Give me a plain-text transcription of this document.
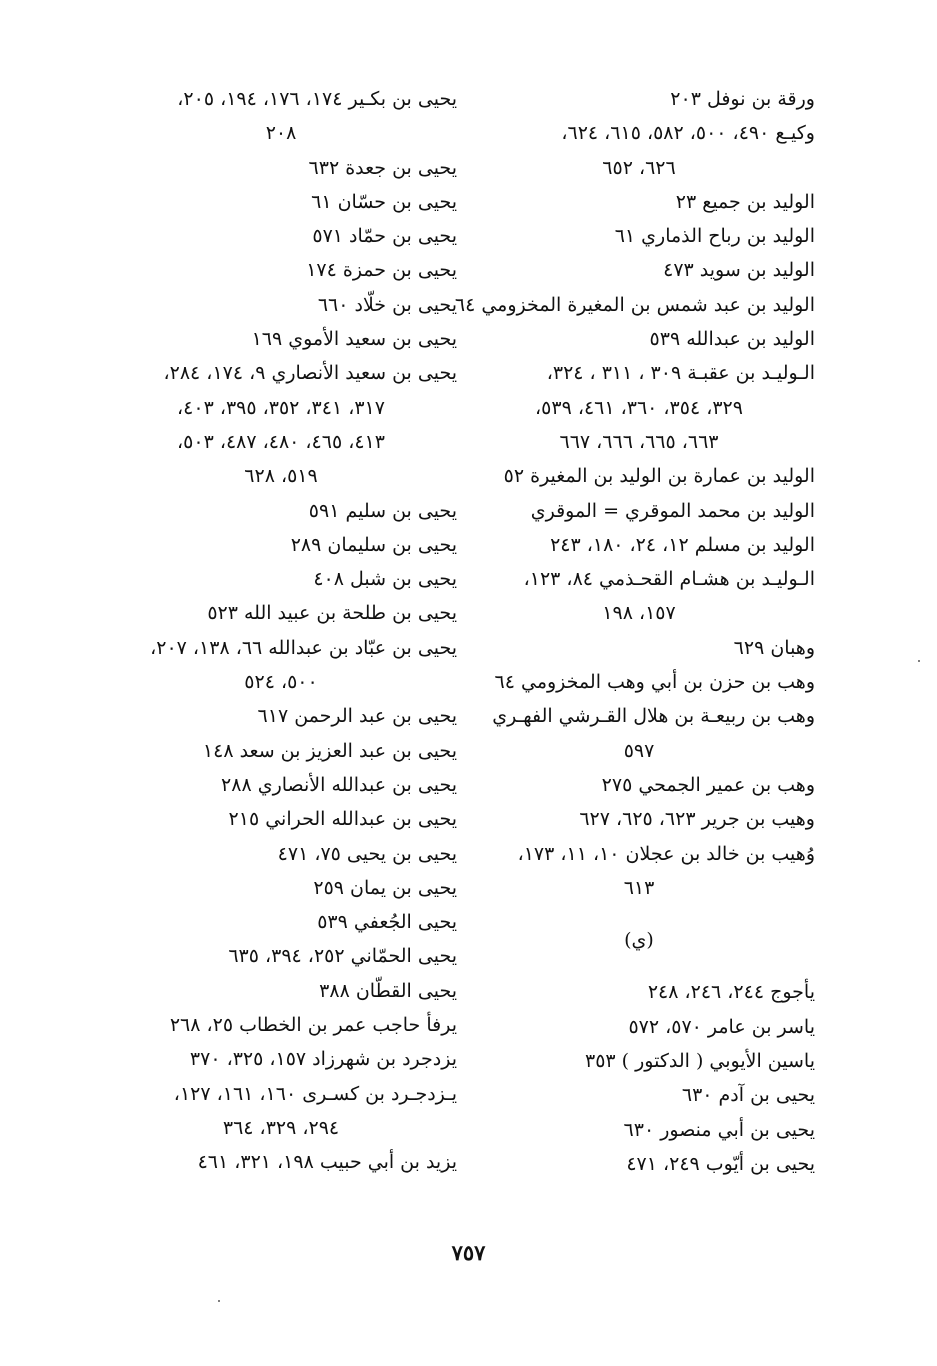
ورقة بن نوفل ٢٠٣
وكيـع ٤٩٠، ٥٠٠، ٥٨٢، ٦١٥، ٦٢٤،
٦٢٦، ٦٥٢
الوليد بن جميع ٢٣
الوليد بن رباح الذماري ٦١
الوليد بن سويد ٤٧٣
الوليد بن عبد شمس بن المغيرة المخزومي ٦٤
الوليد بن عبدالله ٥٣٩
الـوليـد بن عقبـة ٣٠٩ ، ٣١١ ، ٣٢٤،
٣٢٩، ٣٥٤، ٣٦٠، ٤٦١، ٥٣٩،
٦٦٣، ٦٦٥، ٦٦٦، ٦٦٧
الوليد بن عمارة بن الوليد بن المغيرة ٥٢
الوليد بن محمد الموقري = الموقري
الوليد بن مسلم ١٢، ٢٤، ١٨٠، ٢٤٣
الـوليـد بن هشـام القحـذمي ٨٤، ١٢٣،
١٥٧، ١٩٨
وهبان ٦٢٩
وهب بن حزن بن أبي وهب المخزومي ٦٤
وهب بن ربيعـة بن هلال القـرشي الفهـري
٥٩٧
وهب بن عمير الجمحي ٢٧٥
وهيب بن جرير ٦٢٣، ٦٢٥، ٦٢٧
وُهيب بن خالد بن عجلان ١٠، ١١، ١٧٣،
٦١٣
(ي)
يأجوج ٢٤٤، ٢٤٦، ٢٤٨
ياسر بن عامر ٥٧٠، ٥٧٢
ياسين الأيوبي ( الدكتور ) ٣٥٣
يحيى بن آدم ٦٣٠
يحيى بن أبي منصور ٦٣٠
يحيى بن أيّوب ٢٤٩، ٤٧١
يحيى بن بكـير ١٧٤، ١٧٦، ١٩٤، ٢٠٥،
٢٠٨
يحيى بن جعدة ٦٣٢
يحيى بن حسّان ٦١
يحيى بن حمّاد ٥٧١
يحيى بن حمزة ١٧٤
يحيى بن خلّاد ٦٦٠
يحيى بن سعيد الأموي ١٦٩
يحيى بن سعيد الأنصاري ٩، ١٧٤، ٢٨٤،
٣١٧، ٣٤١، ٣٥٢، ٣٩٥، ٤٠٣،
٤١٣، ٤٦٥، ٤٨٠، ٤٨٧، ٥٠٣،
٥١٩، ٦٢٨
يحيى بن سليم ٥٩١
يحيى بن سليمان ٢٨٩
يحيى بن شبل ٤٠٨
يحيى بن طلحة بن عبيد الله ٥٢٣
يحيى بن عبّاد بن عبدالله ٦٦، ١٣٨، ٢٠٧،
٥٠٠، ٥٢٤
يحيى بن عبد الرحمن ٦١٧
يحيى بن عبد العزيز بن سعد ١٤٨
يحيى بن عبدالله الأنصاري ٢٨٨
يحيى بن عبدالله الحراني ٢١٥
يحيى بن يحيى ٧٥، ٤٧١
يحيى بن يمان ٢٥٩
يحيى الجُعفي ٥٣٩
يحيى الحمّاني ٢٥٢، ٣٩٤، ٦٣٥
يحيى القطّان ٣٨٨
يرفأ حاجب عمر بن الخطاب ٢٥، ٢٦٨
يزدجرد بن شهرزاد ١٥٧، ٣٢٥، ٣٧٠
يـزدجـرد بن كسـرى ١٦٠، ١٦١، ١٢٧،
٢٩٤، ٣٢٩، ٣٦٤
يزيد بن أبي حبيب ١٩٨، ٣٢١، ٤٦١
٧٥٧
